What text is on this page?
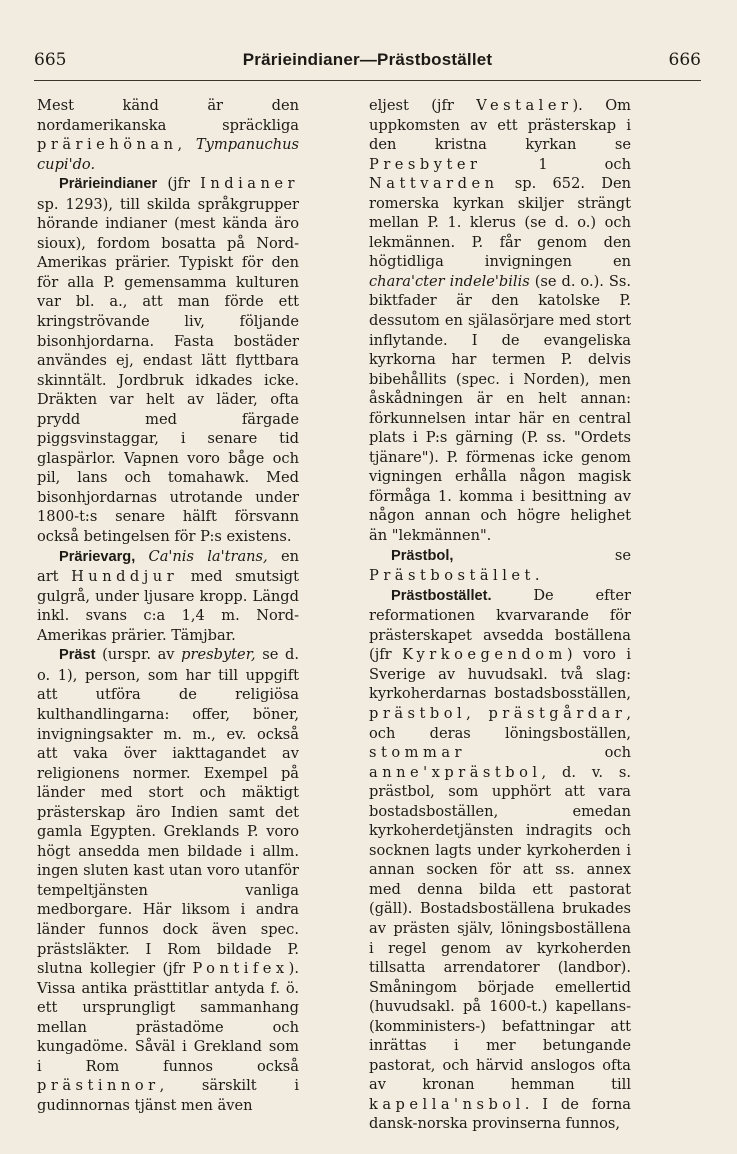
665	Prärieindianer—Prästbostället	666

Mest känd är den nordamerikanska spräckliga präriehönan, Tympanuchus cupi'do.

Prärieindianer (jfr Indianer sp. 1293), till skilda språkgrupper hörande indianer (mest kända äro sioux), fordom bosatta på Nord-Amerikas prärier. Typiskt för den för alla P. gemensamma kulturen var bl. a., att man förde ett kringströvande liv, följande bisonhjordarna. Fasta bostäder användes ej, endast lätt flyttbara skinntält. Jordbruk idkades icke. Dräkten var helt av läder, ofta prydd med färgade piggsvinstaggar, i senare tid glaspärlor. Vapnen voro båge och pil, lans och tomahawk. Med bisonhjordarnas utrotande under 1800-t:s senare hälft försvann också betingelsen för P:s existens.

Prärievarg, Ca'nis la'trans, en art Hunddjur med smutsigt gulgrå, under ljusare kropp. Längd inkl. svans c:a 1,4 m. Nord-Amerikas prärier. Tämjbar.

Präst (urspr. av presbyter, se d. o. 1), person, som har till uppgift att utföra de religiösa kulthandlingarna: offer, böner, invigningsakter m. m., ev. också att vaka över iakttagandet av religionens normer. Exempel på länder med stort och mäktigt prästerskap äro Indien samt det gamla Egypten. Greklands P. voro högt ansedda men bildade i allm. ingen sluten kast utan voro utanför tempeltjänsten vanliga medborgare. Här liksom i andra länder funnos dock även spec. prästsläkter. I Rom bildade P. slutna kollegier (jfr Pontifex). Vissa antika prästtitlar antyda f. ö. ett ursprungligt sammanhang mellan prästadöme och kungadöme. Såväl i Grekland som i Rom funnos också prästinnor, särskilt i gudinnornas tjänst men även

eljest (jfr Vestaler). Om uppkomsten av ett prästerskap i den kristna kyrkan se Presbyter 1 och Nattvarden sp. 652. Den romerska kyrkan skiljer strängt mellan P. 1. klerus (se d. o.) och lekmännen. P. får genom den högtidliga invigningen en chara'cter indele'bilis (se d. o.). Ss. biktfader är den katolske P. dessutom en själasörjare med stort inflytande. I de evangeliska kyrkorna har termen P. delvis bibehållits (spec. i Norden), men åskådningen är en helt annan: förkunnelsen intar här en central plats i P:s gärning (P. ss. "Ordets tjänare"). P. förmenas icke genom vigningen erhålla någon magisk förmåga 1. komma i besittning av någon annan och högre helighet än "lekmännen".

Prästbol, se Prästbostället.

Prästbostället. De efter reformationen kvarvarande för prästerskapet avsedda boställena (jfr Kyrkoegendom) voro i Sverige av huvudsakl. två slag: kyrkoherdarnas bostadsbosställen, prästbol, prästgårdar, och deras löningsboställen, stommar och anne'xprästbol, d. v. s. prästbol, som upphört att vara bostadsboställen, emedan kyrkoherdetjänsten indragits och socknen lagts under kyrkoherden i annan socken för att ss. annex med denna bilda ett pastorat (gäll). Bostadsboställena brukades av prästen själv, löningsboställena i regel genom av kyrkoherden tillsatta arrendatorer (landbor). Småningom började emellertid (huvudsakl. på 1600-t.) kapellans- (komministers-) befattningar att inrättas i mer betungande pastorat, och härvid anslogos ofta av kronan hemman till kapella'nsbol. I de forna dansk-norska provinserna funnos,
